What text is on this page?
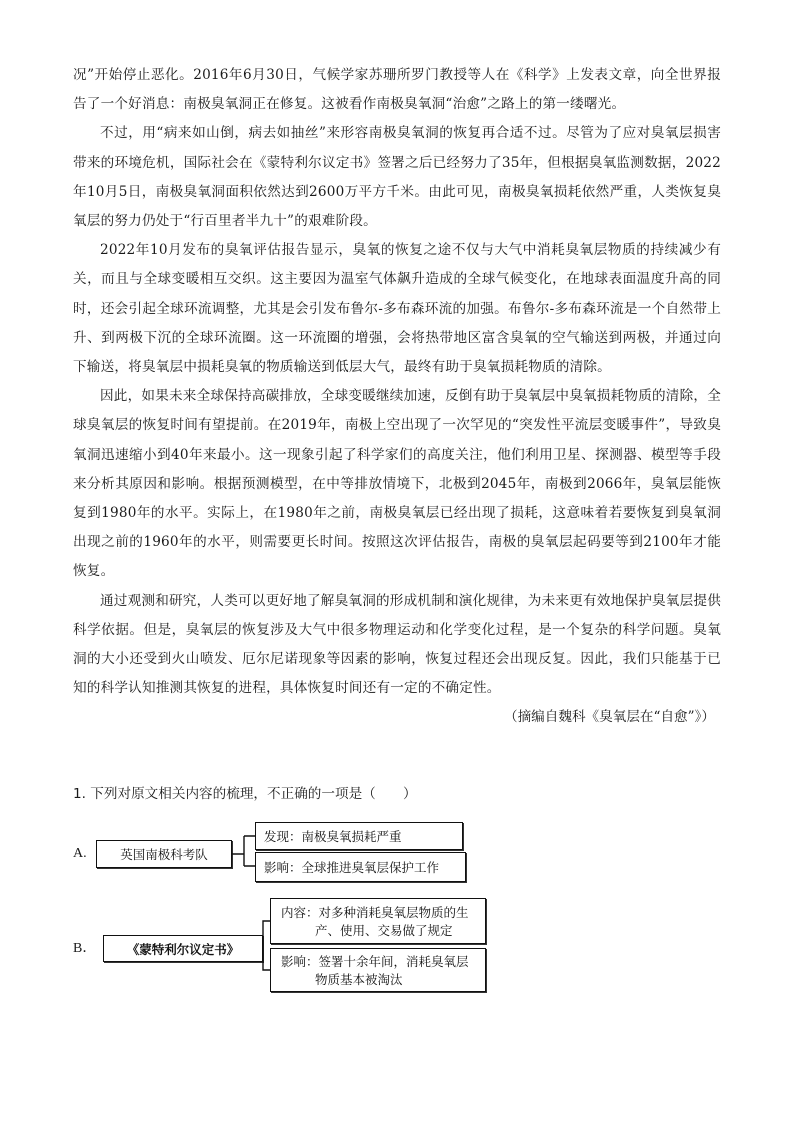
况”开始停止恶化。2016年6月30日，气候学家苏珊所罗门教授等人在《科学》上发表文章，向全世界报告了一个好消息：南极臭氧洞正在修复。这被看作南极臭氧洞“治愈”之路上的第一缕曙光。

不过，用“病来如山倒，病去如抽丝”来形容南极臭氧洞的恢复再合适不过。尽管为了应对臭氧层损害带来的环境危机，国际社会在《蒙特利尔议定书》签署之后已经努力了35年，但根据臭氧监测数据，2022年10月5日，南极臭氧洞面积依然达到2600万平方千米。由此可见，南极臭氧损耗依然严重，人类恢复臭氧层的努力仍处于“行百里者半九十”的艰难阶段。

2022年10月发布的臭氧评估报告显示，臭氧的恢复之途不仅与大气中消耗臭氧层物质的持续减少有关，而且与全球变暖相互交织。这主要因为温室气体飙升造成的全球气候变化，在地球表面温度升高的同时，还会引起全球环流调整，尤其是会引发布鲁尔-多布森环流的加强。布鲁尔-多布森环流是一个自然带上升、到两极下沉的全球环流圈。这一环流圈的增强，会将热带地区富含臭氧的空气输送到两极，并通过向下输送，将臭氧层中损耗臭氧的物质输送到低层大气，最终有助于臭氧损耗物质的清除。

因此，如果未来全球保持高碳排放，全球变暖继续加速，反倒有助于臭氧层中臭氧损耗物质的清除，全球臭氧层的恢复时间有望提前。在2019年，南极上空出现了一次罕见的“突发性平流层变暖事件”，导致臭氧洞迅速缩小到40年来最小。这一现象引起了科学家们的高度关注，他们利用卫星、探测器、模型等手段来分析其原因和影响。根据预测模型，在中等排放情境下，北极到2045年，南极到2066年，臭氧层能恢复到1980年的水平。实际上，在1980年之前，南极臭氧层已经出现了损耗，这意味着若要恢复到臭氧洞出现之前的1960年的水平，则需要更长时间。按照这次评估报告，南极的臭氧层起码要等到2100年才能恢复。

通过观测和研究，人类可以更好地了解臭氧洞的形成机制和演化规律，为未来更有效地保护臭氧层提供科学依据。但是，臭氧层的恢复涉及大气中很多物理运动和化学变化过程，是一个复杂的科学问题。臭氧洞的大小还受到火山喷发、厄尔尼诺现象等因素的影响，恢复过程还会出现反复。因此，我们只能基于已知的科学认知推测其恢复的进程，具体恢复时间还有一定的不确定性。

（摘编自魏科《臭氧层在“自愈”》）

1. 下列对原文相关内容的梳理，不正确的一项是（　　）

A.	英国南极科考队
发现：南极臭氧损耗严重
影响：全球推进臭氧层保护工作
B． 《蒙特利尔议定书》
内容：对多种消耗臭氧层物质的生
产、使用、交易做了规定
影响：签署十余年间，消耗臭氧层
物质基本被淘汰
